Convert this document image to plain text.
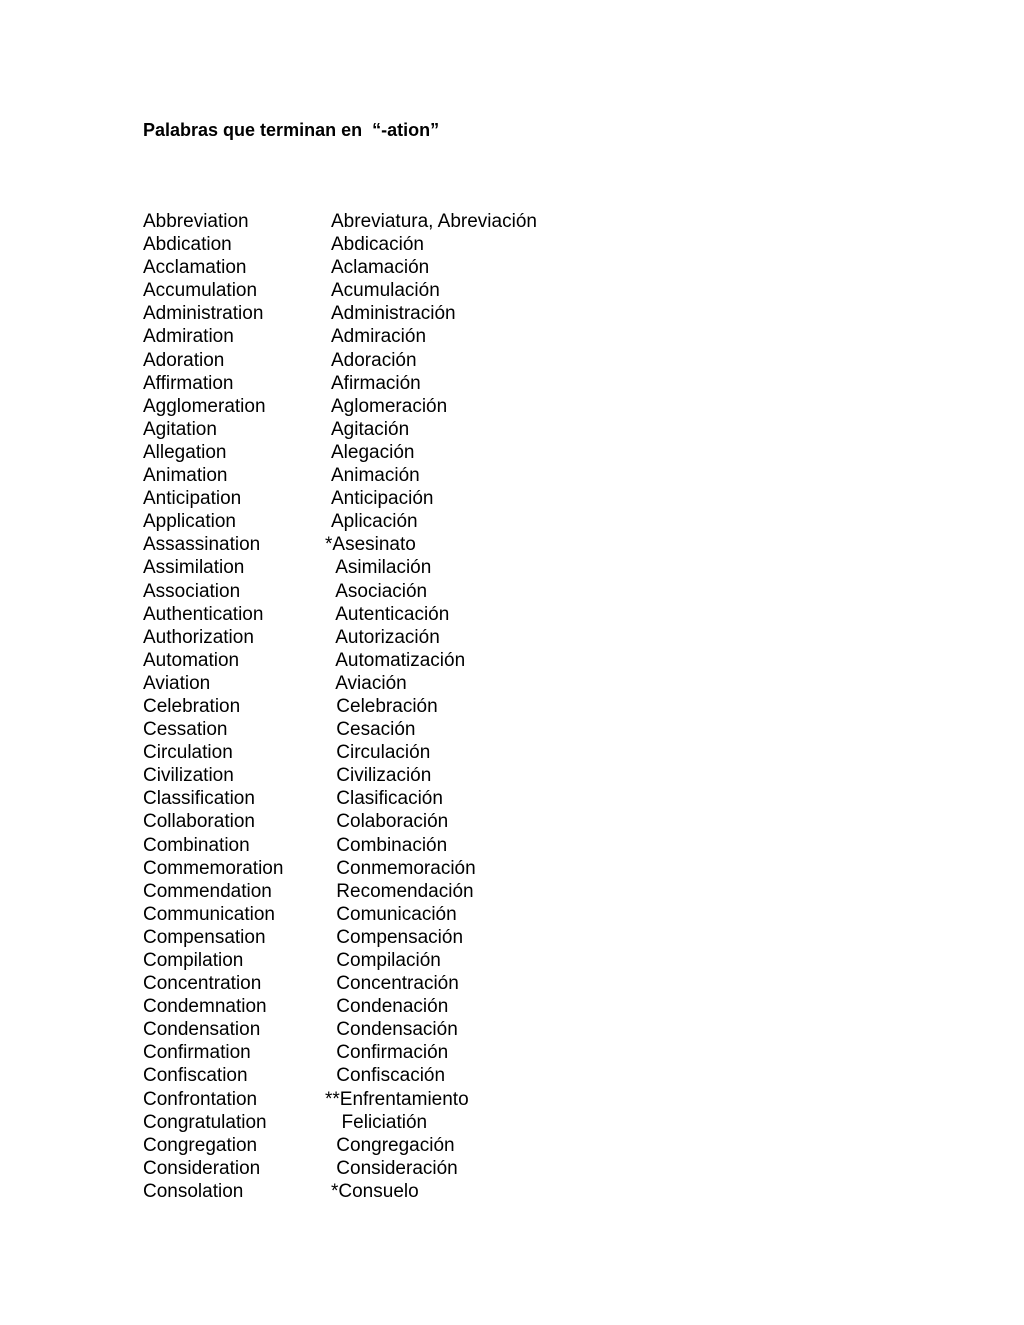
Palabras que terminan en  “-ation”
Abbreviation	Abreviatura, Abreviación
Abdication	Abdicación
Acclamation	Aclamación
Accumulation	Acumulación
Administration	Administración
Admiration	Admiración
Adoration	Adoración
Affirmation	Afirmación
Agglomeration	Aglomeración
Agitation	Agitación
Allegation	Alegación
Animation	Animación
Anticipation	Anticipación
Application	Aplicación
Assassination	*Asesinato
Assimilation	Asimilación
Association	Asociación
Authentication	Autenticación
Authorization	Autorización
Automation	Automatización
Aviation	Aviación
Celebration	Celebración
Cessation	Cesación
Circulation	Circulación
Civilization	Civilización
Classification	Clasificación
Collaboration	Colaboración
Combination	Combinación
Commemoration	Conmemoración
Commendation	Recomendación
Communication	Comunicación
Compensation	Compensación
Compilation	Compilación
Concentration	Concentración
Condemnation	Condenación
Condensation	Condensación
Confirmation	Confirmación
Confiscation	Confiscación
Confrontation	**Enfrentamiento
Congratulation	Feliciatión
Congregation	Congregación
Consideration	Consideración
Consolation	*Consuelo
